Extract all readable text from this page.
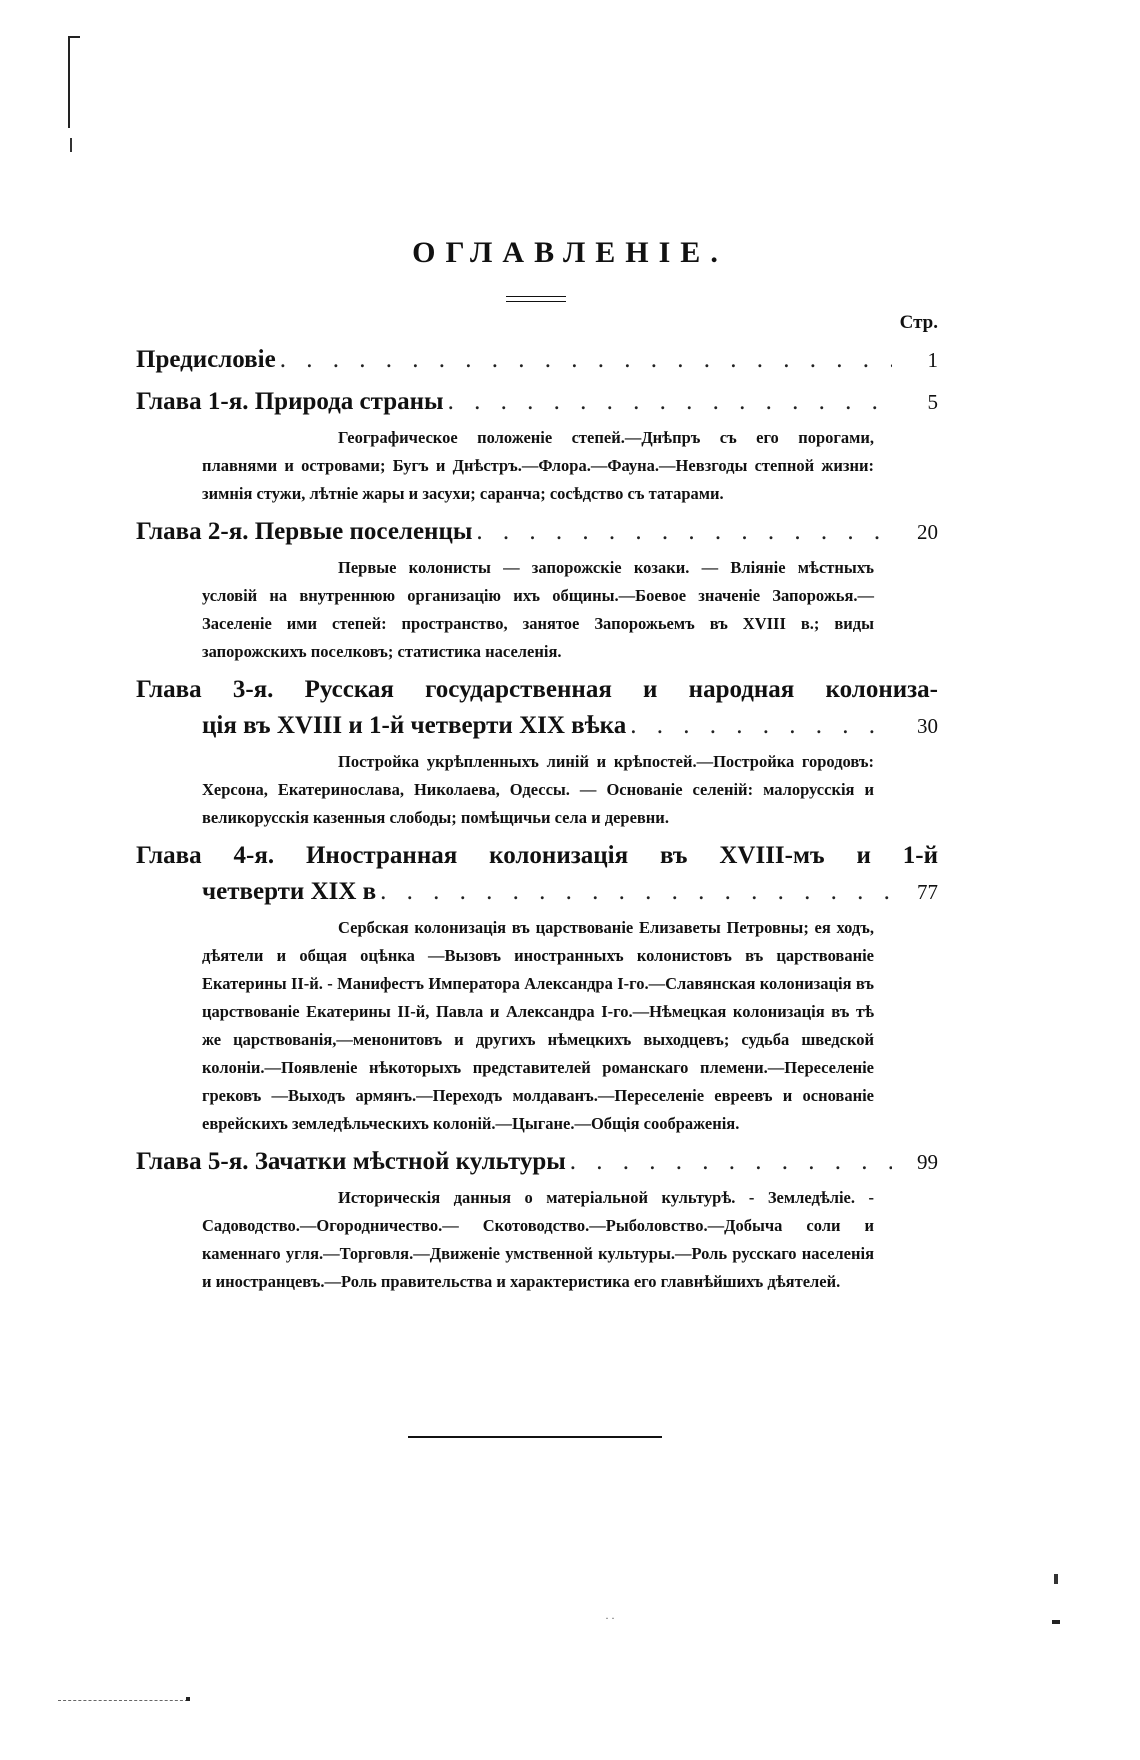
ОГЛАВЛЕНІЕ.
Стр.
Предисловіе . . .	1
Глава 1-я. Природа страны . . .	5
Географическое положеніе степей.—Днѣпръ съ его порогами, плавнями и островами; Бугъ и Днѣстръ.—Флора.—Фауна.—Невзгоды степной жизни: зимнія стужи, лѣтніе жары и засухи; саранча; сосѣдство съ татарами.
Глава 2-я. Первые поселенцы . . .	20
Первые колонисты — запорожскіе козаки. — Вліяніе мѣстныхъ условій на внутреннюю организацію ихъ общины.—Боевое значеніе Запорожья.—Заселеніе ими степей: пространство, занятое Запорожьемъ въ XVIII в.; виды запорожскихъ поселковъ; статистика населенія.
Глава 3-я. Русская государственная и народная колониза-
ція въ XVIII и 1-й четверти XIX вѣка . . .	30
Постройка укрѣпленныхъ линій и крѣпостей.—Постройка городовъ: Херсона, Екатеринослава, Николаева, Одессы. — Основаніе селеній: малорусскія и великорусскія казенныя слободы; помѣщичьи села и деревни.
Глава 4-я. Иностранная колонизація въ XVIII-мъ и 1-й
четверти XIX в . . .	77
Сербская колонизація въ царствованіе Елизаветы Петровны; ея ходъ, дѣятели и общая оцѣнка —Вызовъ иностранныхъ колонистовъ въ царствованіе Екатерины II-й. - Манифестъ Императора Александра I-го.—Славянская колонизація въ царствованіе Екатерины II-й, Павла и Александра I-го.—Нѣмецкая колонизація въ тѣ же царствованія,—менонитовъ и другихъ нѣмецкихъ выходцевъ; судьба шведской колоніи.—Появленіе нѣкоторыхъ представителей романскаго племени.—Переселеніе грековъ —Выходъ армянъ.—Переходъ молдаванъ.—Переселеніе евреевъ и основаніе еврейскихъ земледѣльческихъ колоній.—Цыгане.—Общія соображенія.
Глава 5-я. Зачатки мѣстной культуры . . .	99
Историческія данныя о матеріальной культурѣ. - Земледѣліе. - Садоводство.—Огородничество.— Скотоводство.—Рыболовство.—Добыча соли и каменнаго угля.—Торговля.—Движеніе умственной культуры.—Роль русскаго населенія и иностранцевъ.—Роль правительства и характеристика его главнѣйшихъ дѣятелей.
˙˙
